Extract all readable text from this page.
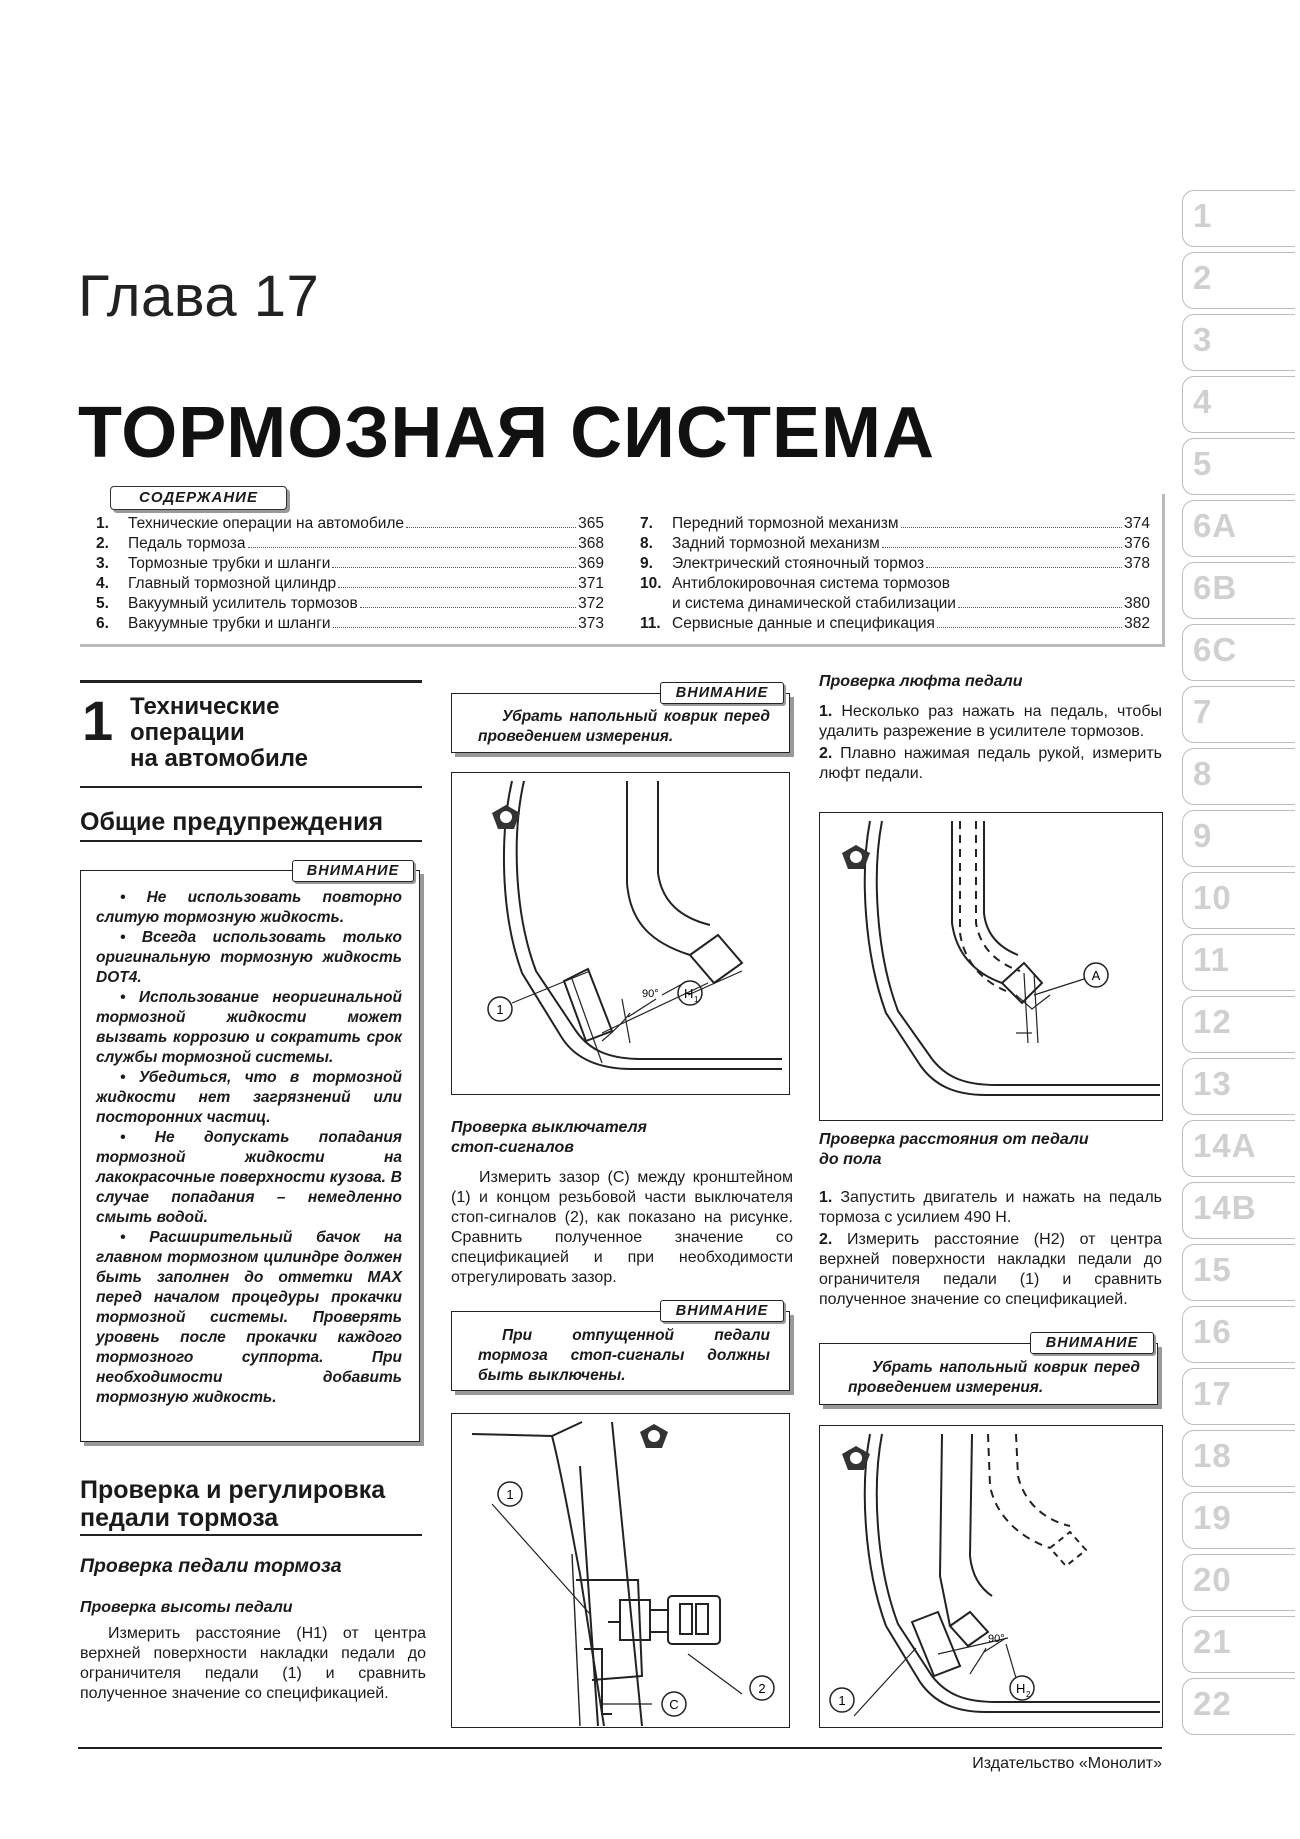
Глава 17
ТОРМОЗНАЯ СИСТЕМА
СОДЕРЖАНИЕ
1.	Технические операции на автомобиле	365
2.	Педаль тормоза	368
3.	Тормозные трубки и шланги	369
4.	Главный тормозной цилиндр	371
5.	Вакуумный усилитель тормозов	372
6.	Вакуумные трубки и шланги	373
7.	Передний тормозной механизм	374
8.	Задний тормозной механизм	376
9.	Электрический стояночный тормоз	378
10. Антиблокировочная система тормозов
и система динамической стабилизации	380
11. Сервисные данные и спецификация	382
1
2
3
4
5
6A
6B
6C
7
8
9
10
11
12
13
14A
14B
15
16
17
18
19
20
21
22
1 Технические
операции
на автомобиле
Общие предупреждения
ВНИМАНИЕ
• Не использовать повторно слитую тормозную жидкость.
• Всегда использовать только оригинальную тормозную жидкость DOT4.
• Использование неоригинальной тормозной жидкости может вызвать коррозию и сократить срок службы тормозной системы.
• Убедиться, что в тормозной жидкости нет загрязнений или посторонних частиц.
• Не допускать попадания тормозной жидкости на лакокрасочные поверхности кузова. В случае попадания – немедленно смыть водой.
• Расширительный бачок на главном тормозном цилиндре должен быть заполнен до отметки MAX перед началом процедуры прокачки тормозной системы. Проверять уровень после прокачки каждого тормозного суппорта. При необходимости добавить тормозную жидкость.
Проверка и регулировка
педали тормоза
Проверка педали тормоза
Проверка высоты педали
Измерить расстояние (H1) от центра верхней поверхности накладки педали до ограничителя педали (1) и сравнить полученное значение со спецификацией.
ВНИМАНИЕ
Убрать напольный коврик перед проведением измерения.
1
90° H 1
Проверка выключателя
стоп-сигналов
Измерить зазор (C) между кронштейном (1) и концом резьбовой части выключателя стоп-сигналов (2), как показано на рисунке. Сравнить полученное значение со спецификацией и при необходимости отрегулировать зазор.
ВНИМАНИЕ
При отпущенной педали тормоза стоп-сигналы должны быть выключены.
1
2
C
Проверка люфта педали
1. Несколько раз нажать на педаль, чтобы удалить разрежение в усилителе тормозов.
2. Плавно нажимая педаль рукой, измерить люфт педали.
A
Проверка расстояния от педали
до пола
1. Запустить двигатель и нажать на педаль тормоза с усилием 490 Н.
2. Измерить расстояние (H2) от центра верхней поверхности накладки педали до ограничителя педали (1) и сравнить полученное значение со спецификацией.
ВНИМАНИЕ
Убрать напольный коврик перед проведением измерения.
1
90°
H 2
Издательство «Монолит»
